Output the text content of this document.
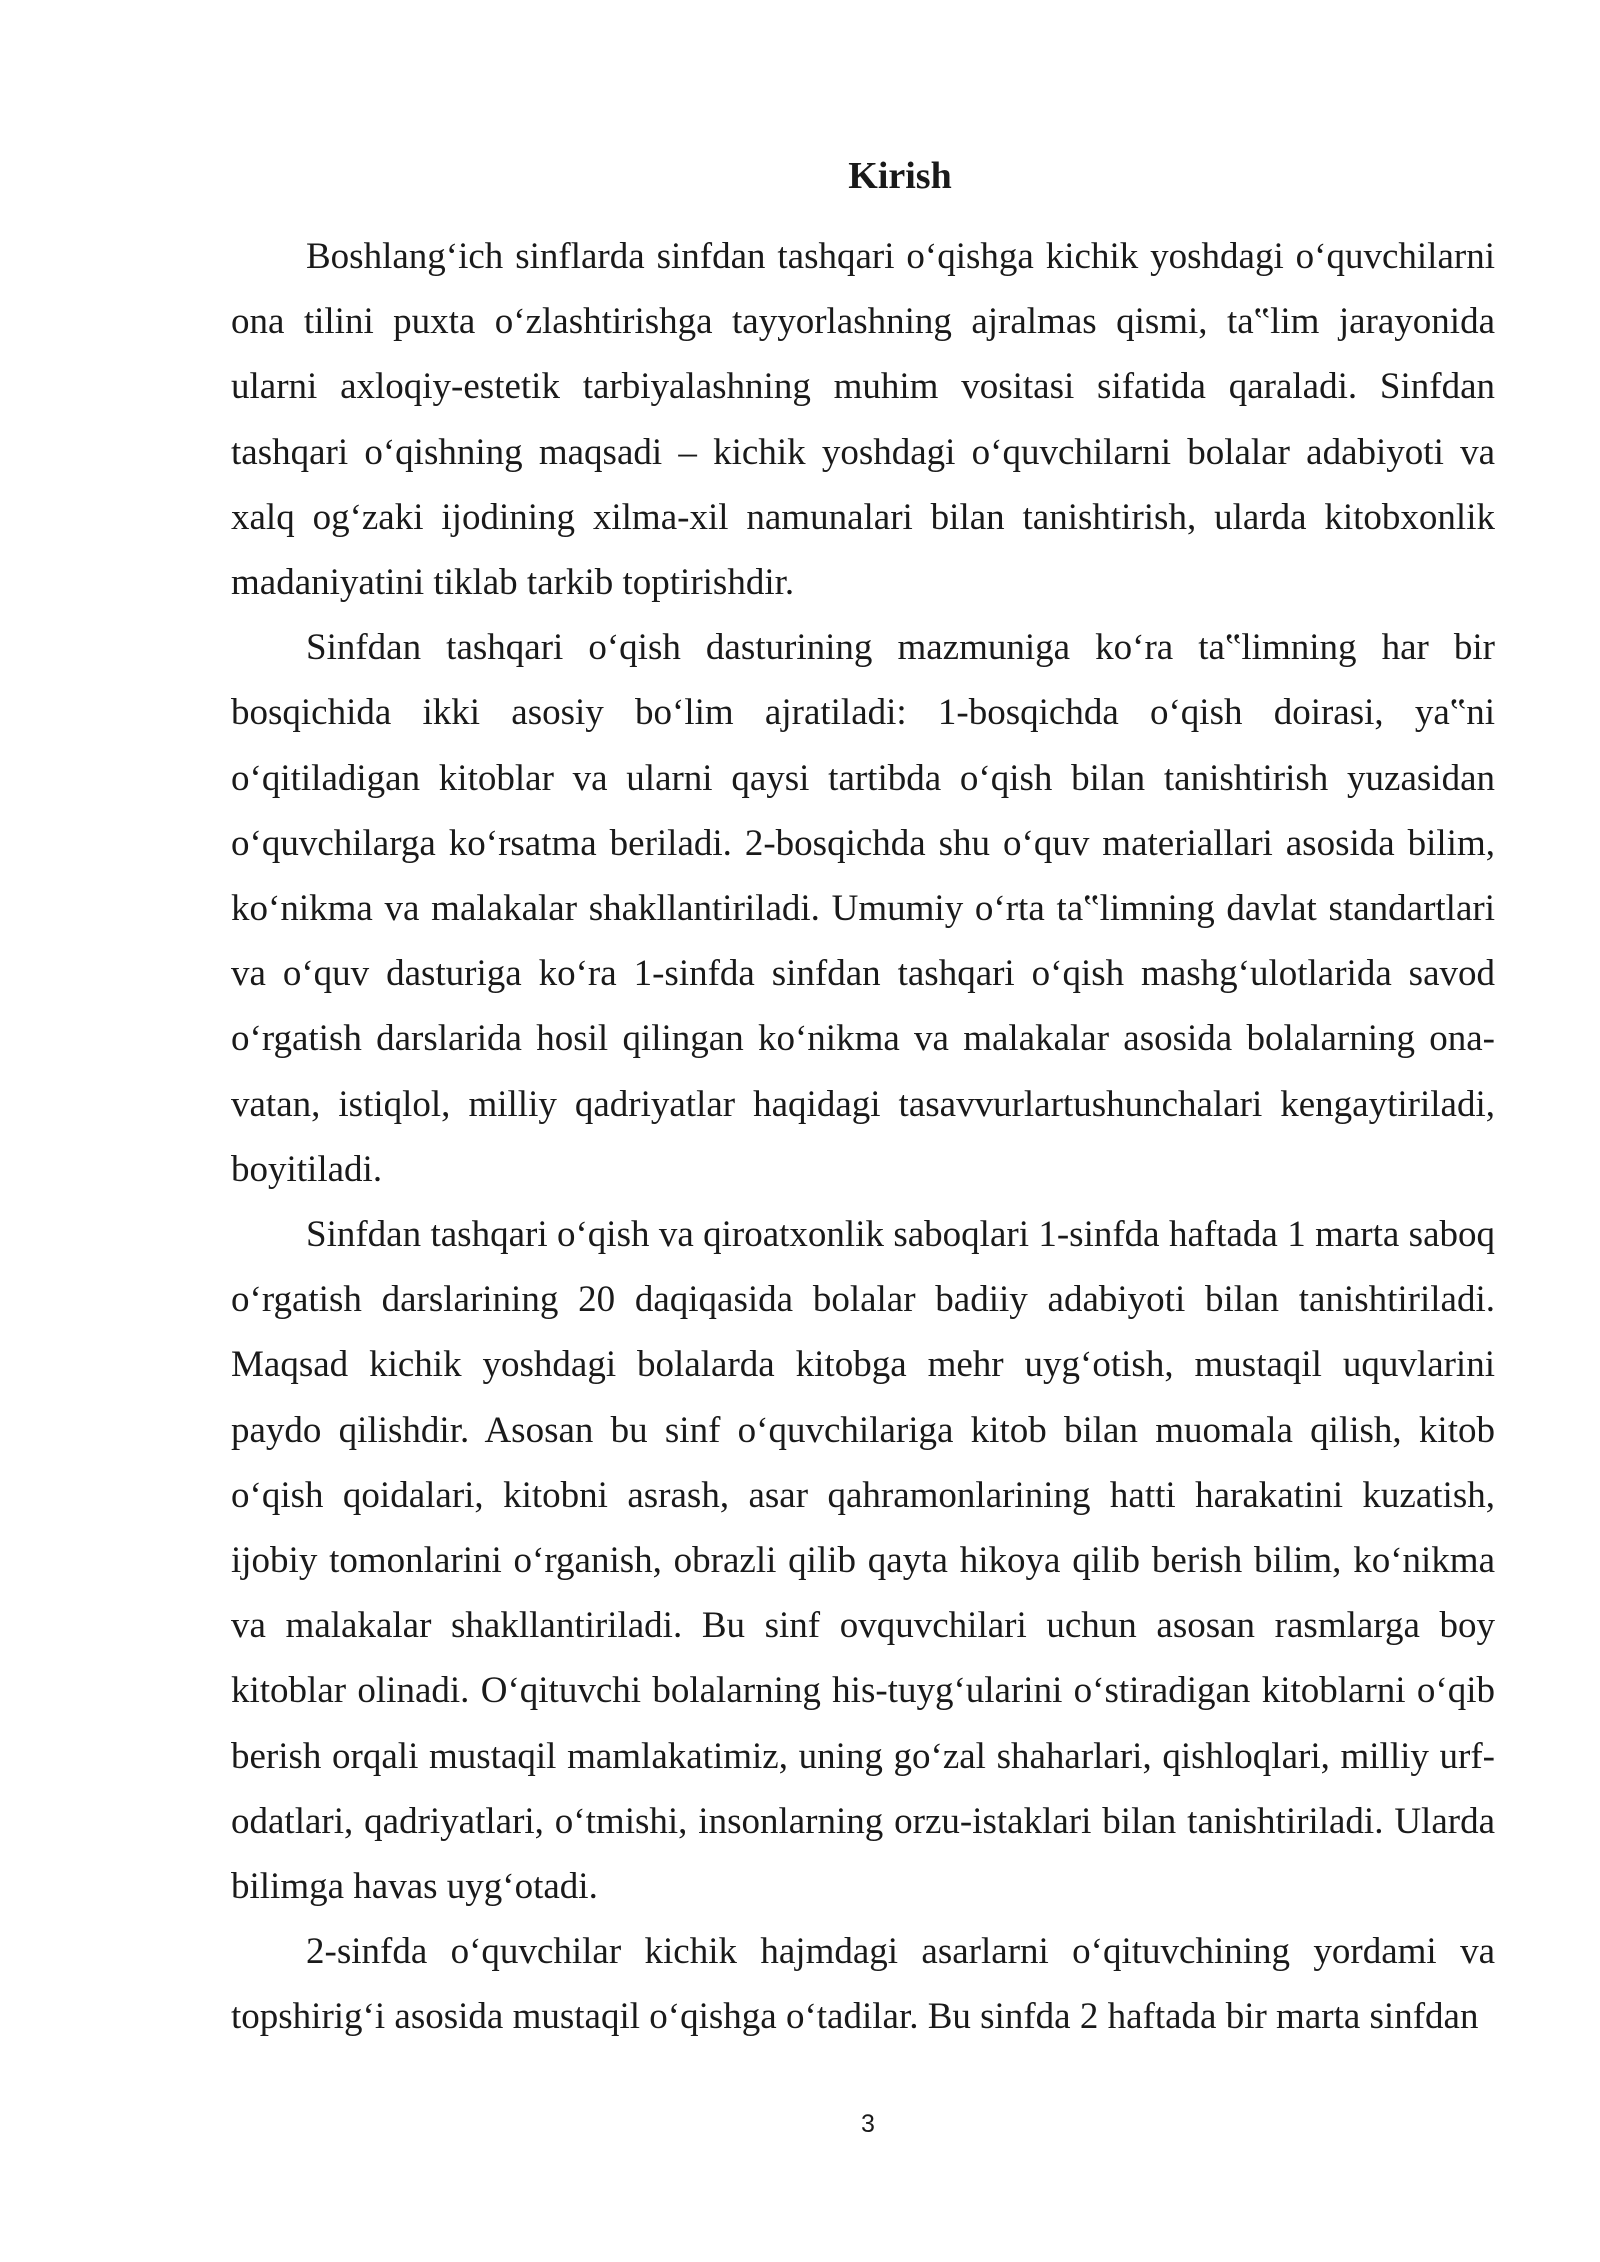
Kirish

Boshlang‘ich sinflarda sinfdan tashqari o‘qishga kichik yoshdagi o‘quvchilarni ona tilini puxta o‘zlashtirishga tayyorlashning ajralmas qismi, ta‟lim jarayonida ularni axloqiy-estetik tarbiyalashning muhim vositasi sifatida qaraladi. Sinfdan tashqari o‘qishning maqsadi – kichik yoshdagi o‘quvchilarni bolalar adabiyoti va xalq og‘zaki ijodining xilma-xil namunalari bilan tanishtirish, ularda kitobxonlik madaniyatini tiklab tarkib toptirishdir.

Sinfdan tashqari o‘qish dasturining mazmuniga ko‘ra ta‟limning har bir bosqichida ikki asosiy bo‘lim ajratiladi: 1-bosqichda o‘qish doirasi, ya‟ni o‘qitiladigan kitoblar va ularni qaysi tartibda o‘qish bilan tanishtirish yuzasidan o‘quvchilarga ko‘rsatma beriladi. 2-bosqichda shu o‘quv materiallari asosida bilim, ko‘nikma va malakalar shakllantiriladi. Umumiy o‘rta ta‟limning davlat standartlari va o‘quv dasturiga ko‘ra 1-sinfda sinfdan tashqari o‘qish mashg‘ulotlarida savod o‘rgatish darslarida hosil qilingan ko‘nikma va malakalar asosida bolalarning ona-vatan, istiqlol, milliy qadriyatlar haqidagi tasavvurlartushunchalari kengaytiriladi, boyitiladi.

Sinfdan tashqari o‘qish va qiroatxonlik saboqlari 1-sinfda haftada 1 marta saboq o‘rgatish darslarining 20 daqiqasida bolalar badiiy adabiyoti bilan tanishtiriladi. Maqsad kichik yoshdagi bolalarda kitobga mehr uyg‘otish, mustaqil uquvlarini paydo qilishdir. Asosan bu sinf o‘quvchilariga kitob bilan muomala qilish, kitob o‘qish qoidalari, kitobni asrash, asar qahramonlarining hatti harakatini kuzatish, ijobiy tomonlarini o‘rganish, obrazli qilib qayta hikoya qilib berish bilim, ko‘nikma va malakalar shakllantiriladi. Bu sinf ovquvchilari uchun asosan rasmlarga boy kitoblar olinadi. O‘qituvchi bolalarning his-tuyg‘ularini o‘stiradigan kitoblarni o‘qib berish orqali mustaqil mamlakatimiz, uning go‘zal shaharlari, qishloqlari, milliy urf-odatlari, qadriyatlari, o‘tmishi, insonlarning orzu-istaklari bilan tanishtiriladi. Ularda bilimga havas uyg‘otadi.

2-sinfda o‘quvchilar kichik hajmdagi asarlarni o‘qituvchining yordami va topshirig‘i asosida mustaqil o‘qishga o‘tadilar. Bu sinfda 2 haftada bir marta sinfdan

3
